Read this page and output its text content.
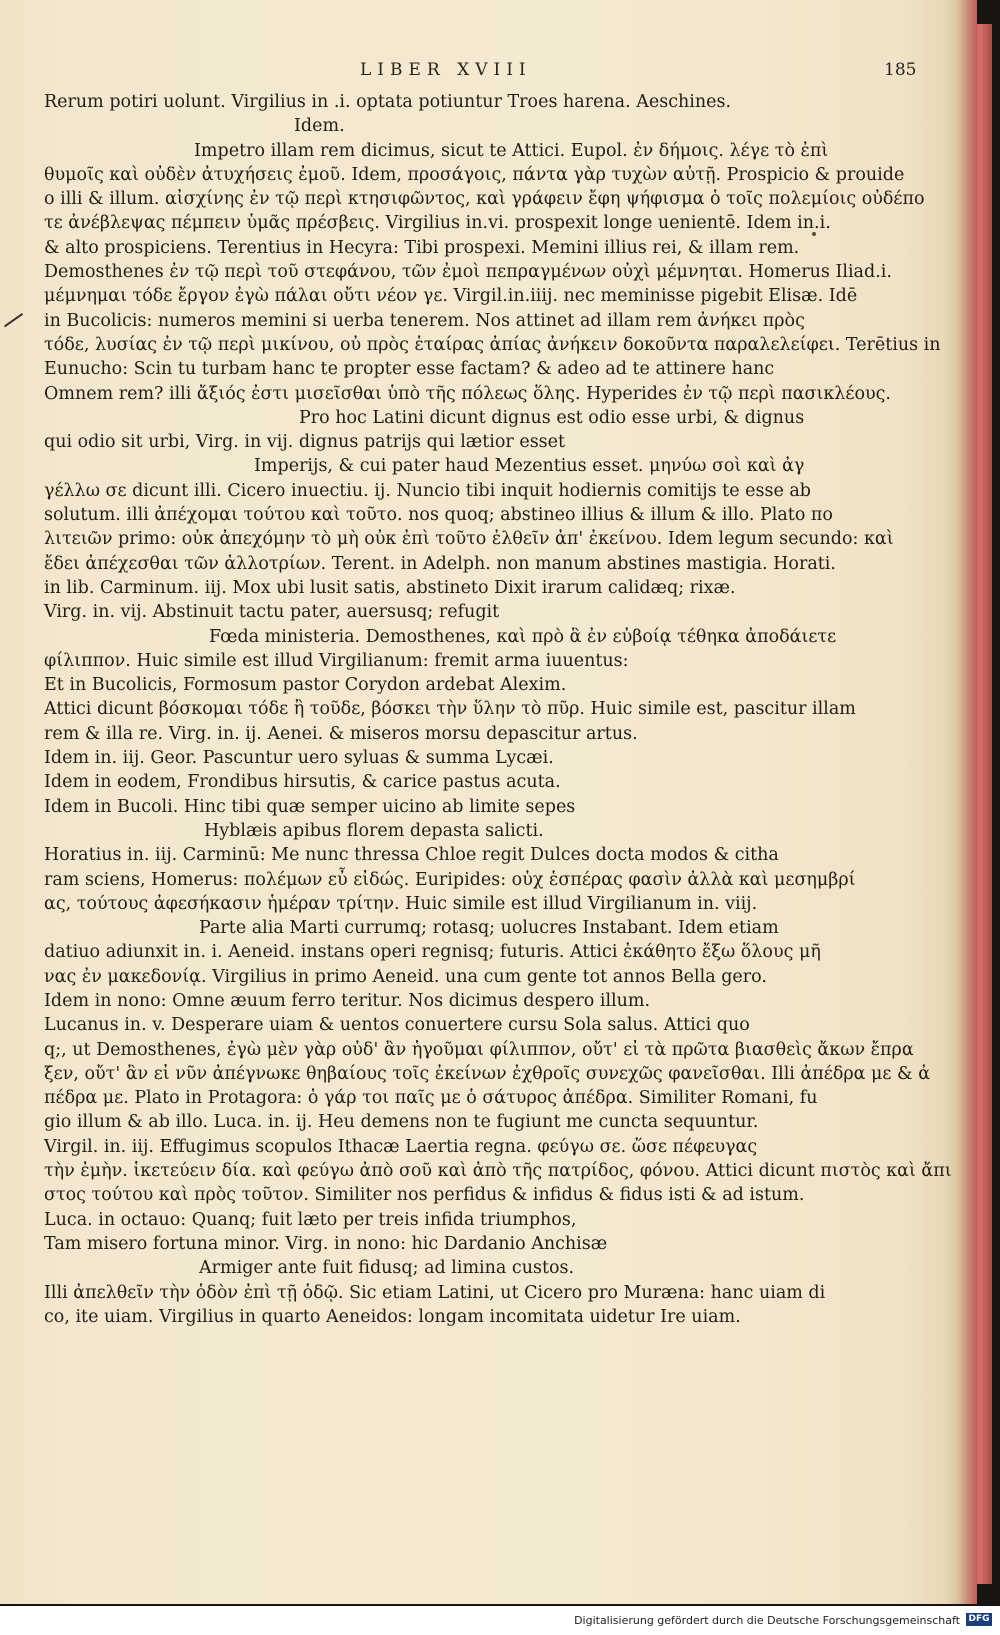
LIBER XVIII	185
Rerum potiri uolunt. Virgilius in .i. optata potiuntur Troes harena. Aeschines.
Idem.
Impetro illam rem dicimus, sicut te Attici. Eupol. ἐν δήμοις. λέγε τὸ ἐπὶ
θυμοῖς καὶ οὐδὲν ἀτυχήσεις ἐμοῦ. Idem, προσάγοις, πάντα γὰρ τυχὼν αὐτῇ. Prospicio & prouide
o illi & illum. αἰσχίνης ἐν τῷ περὶ κτησιφῶντος, καὶ γράφειν ἔφη ψήφισμα ὁ τοῖς πολεμίοις οὐδέπο
τε ἀνέβλεψας πέμπειν ὑμᾶς πρέσβεις. Virgilius in.vi. prospexit longe uenientē. Idem in.i.
& alto prospiciens. Terentius in Hecyra: Tibi prospexi. Memini illius rei, & illam rem.
Demosthenes ἐν τῷ περὶ τοῦ στεφάνου, τῶν ἐμοὶ πεπραγμένων οὐχὶ μέμνηται. Homerus Iliad.i.
μέμνημαι τόδε ἔργον ἐγὼ πάλαι οὔτι νέον γε. Virgil.in.iiij. nec meminisse pigebit Elisæ. Idē
in Bucolicis: numeros memini si uerba tenerem. Nos attinet ad illam rem ἀνήκει πρὸς
τόδε, λυσίας ἐν τῷ περὶ μικίνου, οὐ πρὸς ἑταίρας ἀπίας ἀνήκειν δοκοῦντα παραλελείφει. Terētius in
Eunucho: Scin tu turbam hanc te propter esse factam? & adeo ad te attinere hanc
Omnem rem? illi ἄξιός ἐστι μισεῖσθαι ὑπὸ τῆς πόλεως ὅλης. Hyperides ἐν τῷ περὶ πασικλέους.
Pro hoc Latini dicunt dignus est odio esse urbi, & dignus
qui odio sit urbi, Virg. in vij. dignus patrijs qui lætior esset
Imperijs, & cui pater haud Mezentius esset. μηνύω σοὶ καὶ ἀγ
γέλλω σε dicunt illi. Cicero inuectiu. ij. Nuncio tibi inquit hodiernis comitijs te esse ab
solutum. illi ἀπέχομαι τούτου καὶ τοῦτο. nos quoq; abstineo illius & illum & illo. Plato πο
λιτειῶν primo: οὐκ ἀπεχόμην τὸ μὴ οὐκ ἐπὶ τοῦτο ἐλθεῖν ἀπ' ἐκείνου. Idem legum secundo: καὶ
ἔδει ἀπέχεσθαι τῶν ἀλλοτρίων. Terent. in Adelph. non manum abstines mastigia. Horati.
in lib. Carminum. iij. Mox ubi lusit satis, abstineto Dixit irarum calidæq; rixæ.
Virg. in. vij. Abstinuit tactu pater, auersusq; refugit
Fœda ministeria. Demosthenes, καὶ πρὸ ἃ ἐν εὐβοίᾳ τέθηκα ἀποδάιετε
φίλιππον. Huic simile est illud Virgilianum: fremit arma iuuentus:
Et in Bucolicis, Formosum pastor Corydon ardebat Alexim.
Attici dicunt βόσκομαι τόδε ἢ τοῦδε, βόσκει τὴν ὕλην τὸ πῦρ. Huic simile est, pascitur illam
rem & illa re. Virg. in. ij. Aenei. & miseros morsu depascitur artus.
Idem in. iij. Geor. Pascuntur uero syluas & summa Lycæi.
Idem in eodem, Frondibus hirsutis, & carice pastus acuta.
Idem in Bucoli. Hinc tibi quæ semper uicino ab limite sepes
Hyblæis apibus florem depasta salicti.
Horatius in. iij. Carminū: Me nunc thressa Chloe regit Dulces docta modos & citha
ram sciens, Homerus: πολέμων εὖ εἰδώς. Euripides: οὐχ ἑσπέρας φασὶν ἀλλὰ καὶ μεσημβρί
ας, τούτους ἀφεσήκασιν ἡμέραν τρίτην. Huic simile est illud Virgilianum in. viij.
Parte alia Marti currumq; rotasq; uolucres Instabant. Idem etiam
datiuo adiunxit in. i. Aeneid. instans operi regnisq; futuris. Attici ἐκάθητο ἔξω ὅλους μῆ
νας ἐν μακεδονίᾳ. Virgilius in primo Aeneid. una cum gente tot annos Bella gero.
Idem in nono: Omne æuum ferro teritur. Nos dicimus despero illum.
Lucanus in. v. Desperare uiam & uentos conuertere cursu Sola salus. Attici quo
q;, ut Demosthenes, ἐγὼ μὲν γὰρ οὐδ' ἂν ἡγοῦμαι φίλιππον, οὔτ' εἰ τὰ πρῶτα βιασθεὶς ἄκων ἔπρα
ξεν, οὔτ' ἂν εἰ νῦν ἀπέγνωκε θηβαίους τοῖς ἐκείνων ἐχθροῖς συνεχῶς φανεῖσθαι. Illi ἀπέδρα με & ἀ
πέδρα με. Plato in Protagora: ὁ γάρ τοι παῖς με ὁ σάτυρος ἀπέδρα. Similiter Romani, fu
gio illum & ab illo. Luca. in. ij. Heu demens non te fugiunt me cuncta sequuntur.
Virgil. in. iij. Effugimus scopulos Ithacæ Laertia regna. φεύγω σε. ὥσε πέφευγας
τὴν ἐμὴν. ἱκετεύειν δία. καὶ φεύγω ἀπὸ σοῦ καὶ ἀπὸ τῆς πατρίδος, φόνου. Attici dicunt πιστὸς καὶ ἄπι
στος τούτου καὶ πρὸς τοῦτον. Similiter nos perfidus & infidus & fidus isti & ad istum.
Luca. in octauo: Quanq; fuit læto per treis infida triumphos,
Tam misero fortuna minor. Virg. in nono: hic Dardanio Anchisæ
Armiger ante fuit fidusq; ad limina custos.
Illi ἀπελθεῖν τὴν ὁδὸν ἐπὶ τῇ ὁδῷ. Sic etiam Latini, ut Cicero pro Muræna: hanc uiam di
co, ite uiam. Virgilius in quarto Aeneidos: longam incomitata uidetur Ire uiam.
Digitalisierung gefördert durch die Deutsche Forschungsgemeinschaft DFG
